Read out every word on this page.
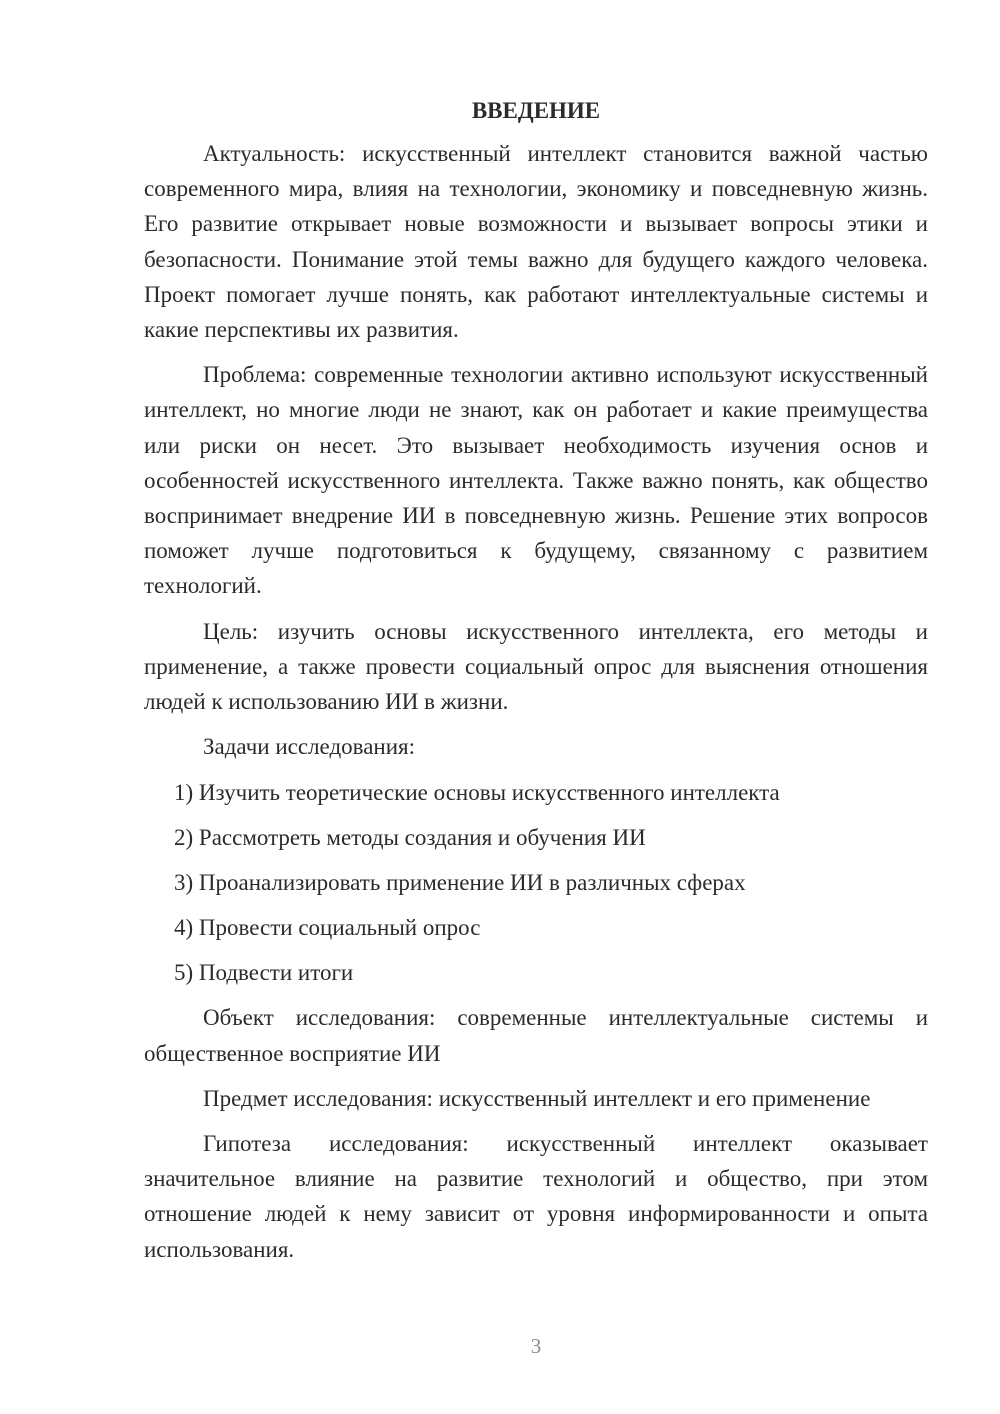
ВВЕДЕНИЕ

Актуальность: искусственный интеллект становится важной частью современного мира, влияя на технологии, экономику и повседневную жизнь. Его развитие открывает новые возможности и вызывает вопросы этики и безопасности. Понимание этой темы важно для будущего каждого человека. Проект помогает лучше понять, как работают интеллектуальные системы и какие перспективы их развития.

Проблема: современные технологии активно используют искусственный интеллект, но многие люди не знают, как он работает и какие преимущества или риски он несет. Это вызывает необходимость изучения основ и особенностей искусственного интеллекта. Также важно понять, как общество воспринимает внедрение ИИ в повседневную жизнь. Решение этих вопросов поможет лучше подготовиться к будущему, связанному с развитием технологий.

Цель: изучить основы искусственного интеллекта, его методы и применение, а также провести социальный опрос для выяснения отношения людей к использованию ИИ в жизни.

Задачи исследования:

1) Изучить теоретические основы искусственного интеллекта
2) Рассмотреть методы создания и обучения ИИ
3) Проанализировать применение ИИ в различных сферах
4) Провести социальный опрос
5) Подвести итоги

Объект исследования: современные интеллектуальные системы и общественное восприятие ИИ

Предмет исследования: искусственный интеллект и его применение

Гипотеза исследования: искусственный интеллект оказывает значительное влияние на развитие технологий и общество, при этом отношение людей к нему зависит от уровня информированности и опыта использования.

3
